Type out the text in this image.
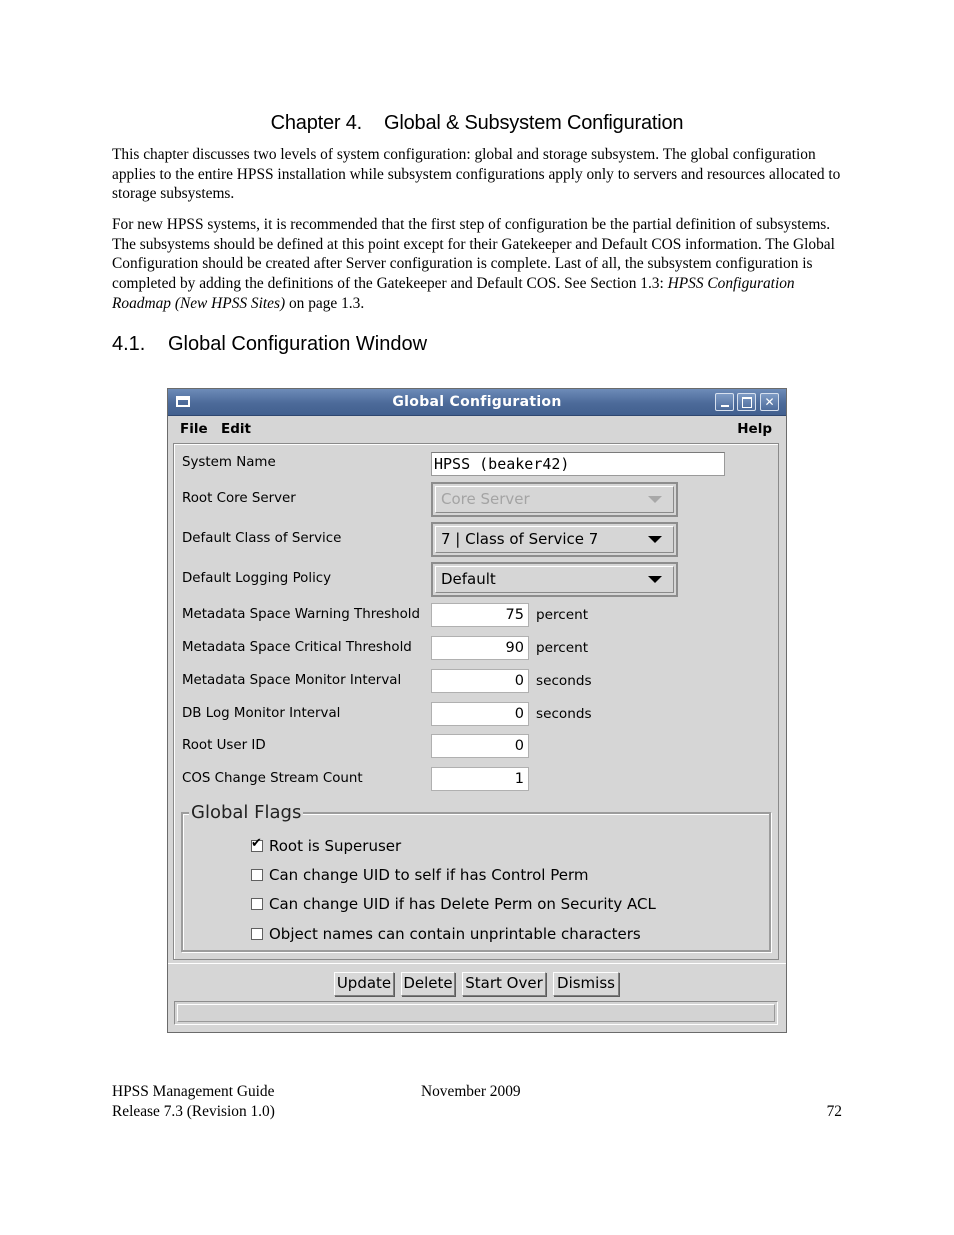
Chapter 4. Global & Subsystem Configuration

This chapter discusses two levels of system configuration: global and storage subsystem. The global configuration applies to the entire HPSS installation while subsystem configurations apply only to servers and resources allocated to storage subsystems.

For new HPSS systems, it is recommended that the first step of configuration be the partial definition of subsystems. The subsystems should be defined at this point except for their Gatekeeper and Default COS information. The Global Configuration should be created after Server configuration is complete. Last of all, the subsystem configuration is completed by adding the definitions of the Gatekeeper and Default COS. See Section 1.3: HPSS Configuration Roadmap (New HPSS Sites) on page 1.3.

4.1. Global Configuration Window
Global Configuration	✕
File Edit	Help
System Name	HPSS (beaker42)
Root Core Server	Core Server
Default Class of Service	7 | Class of Service 7
Default Logging Policy	Default
Metadata Space Warning Threshold	75 percent
Metadata Space Critical Threshold	90 percent
Metadata Space Monitor Interval	0 seconds
DB Log Monitor Interval	0 seconds
Root User ID	0
COS Change Stream Count	1
Global Flags
✔Root is Superuser
Can change UID to self if has Control Perm
Can change UID if has Delete Perm on Security ACL
Object names can contain unprintable characters
Update Delete Start Over Dismiss
HPSS Management Guide	November 2009
Release 7.3 (Revision 1.0)	72
